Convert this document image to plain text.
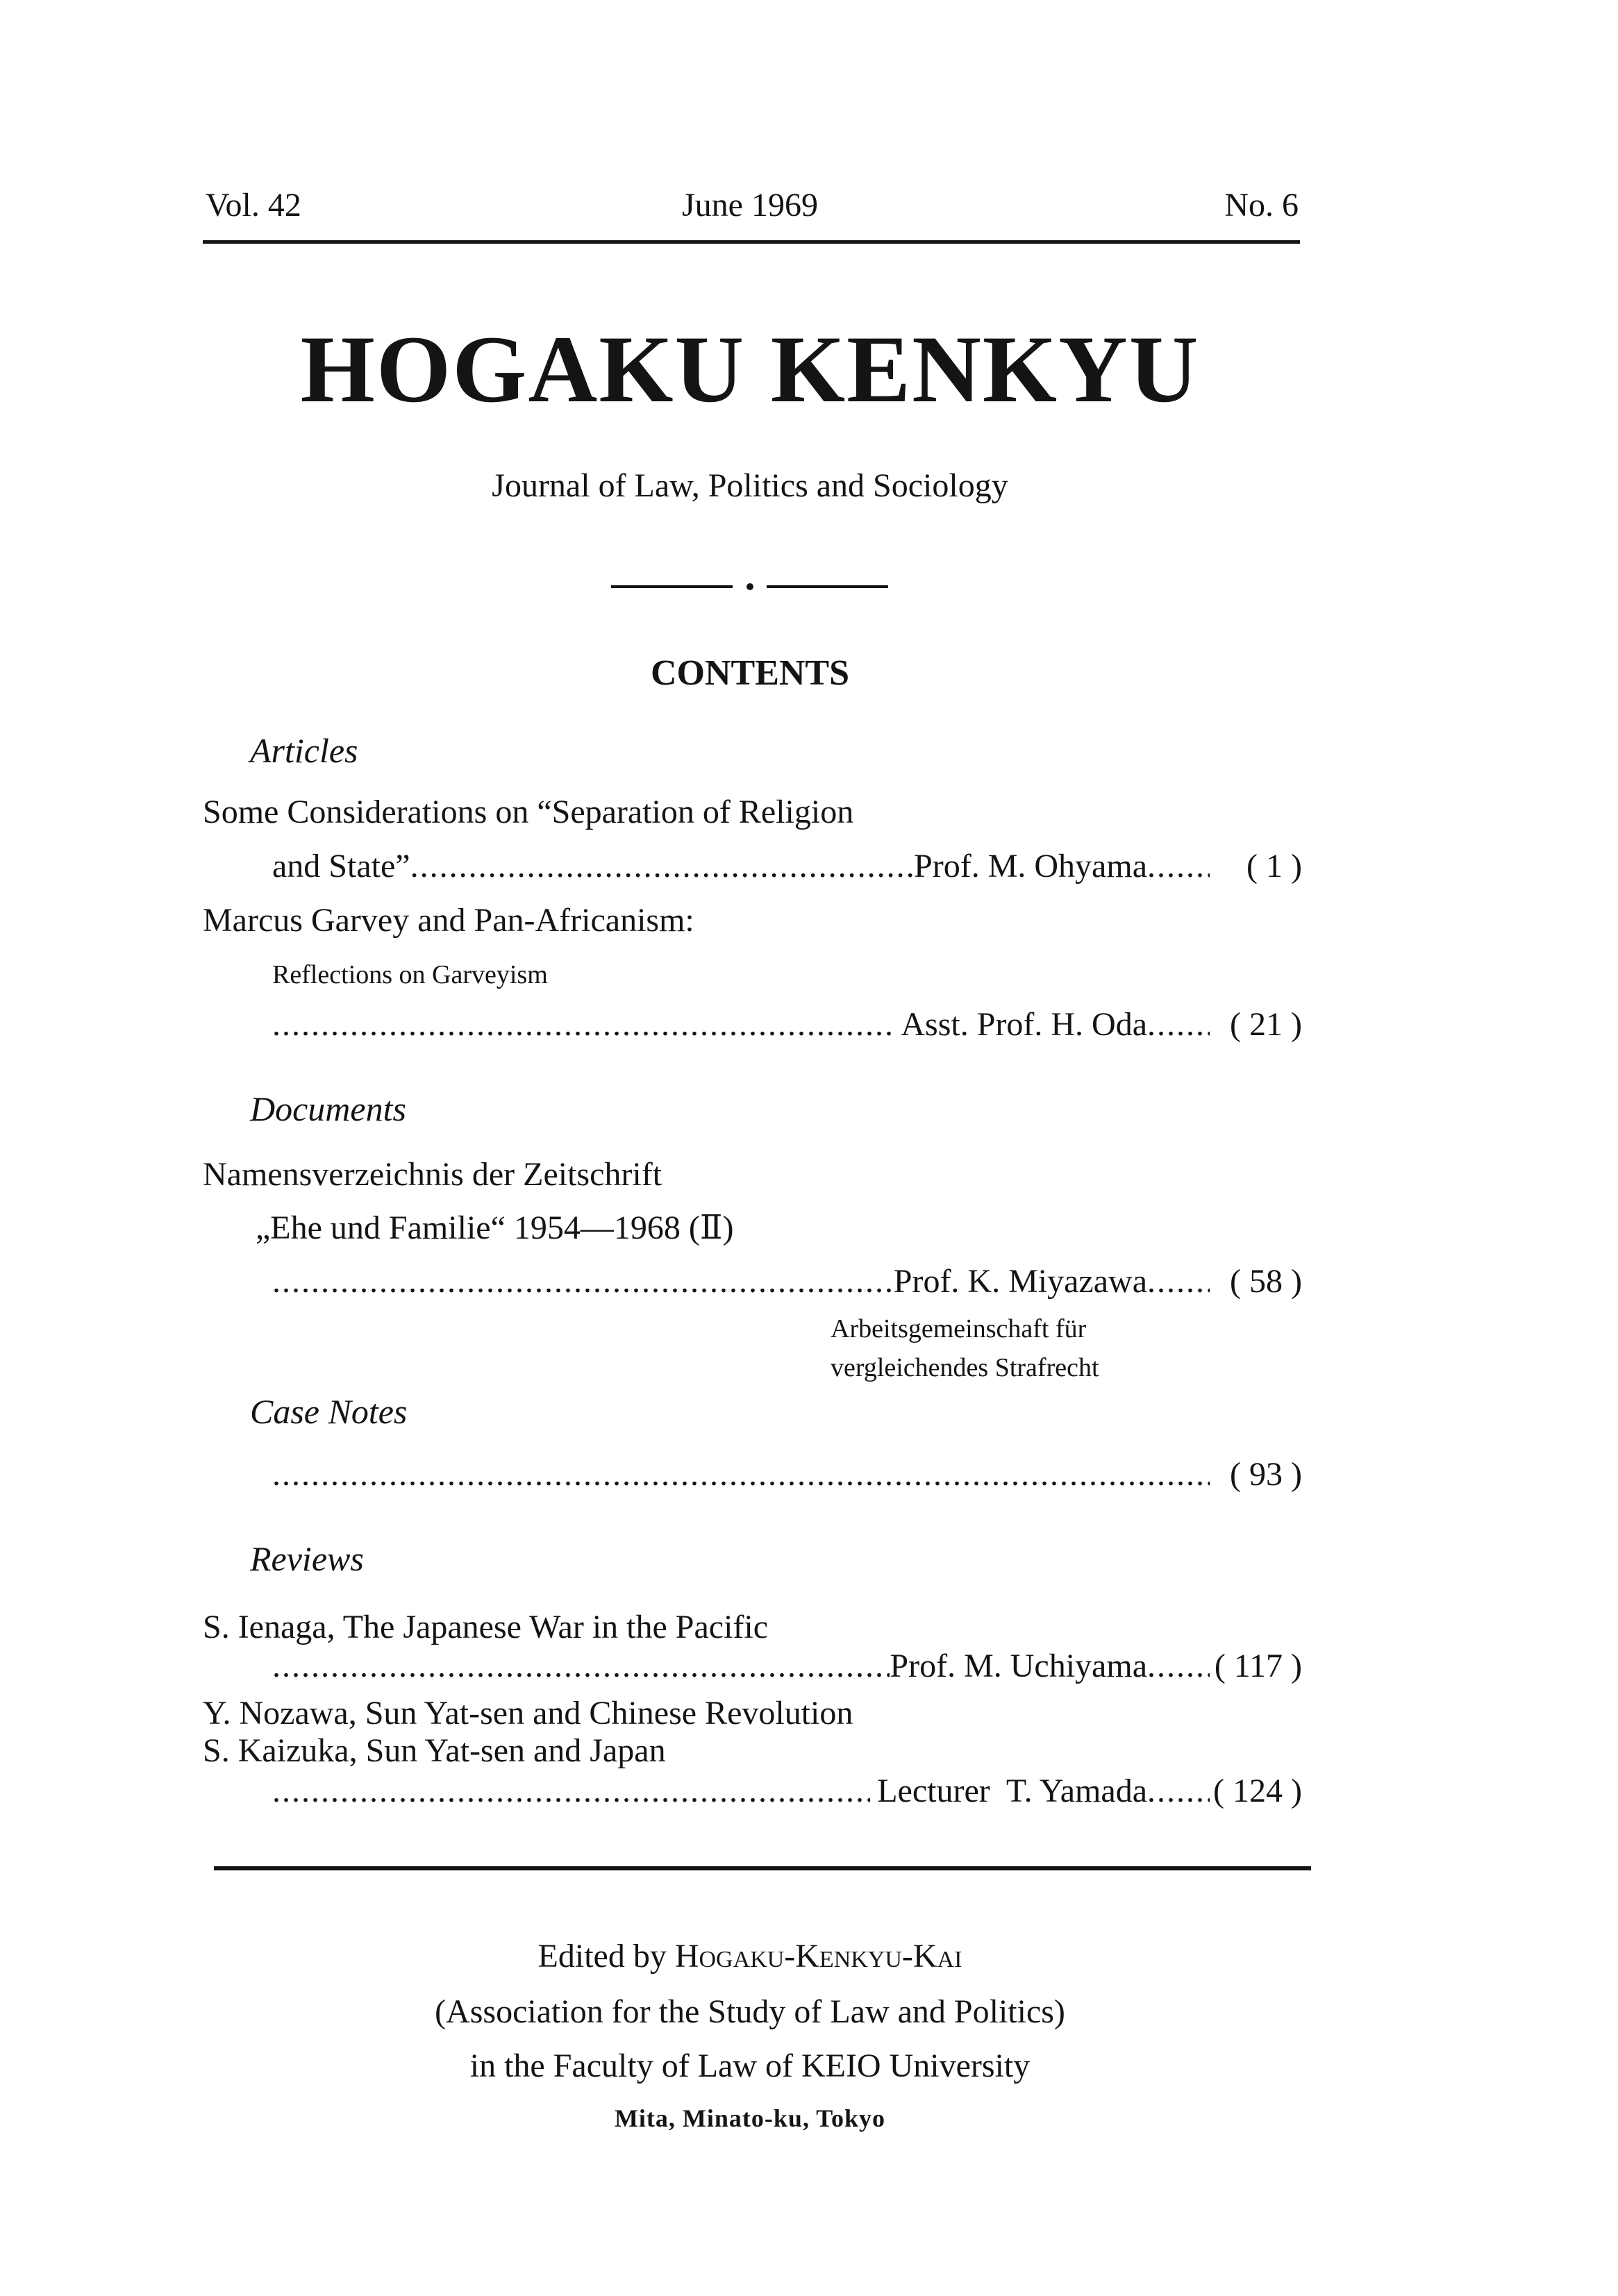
Vol. 42	June 1969	No. 6
HOGAKU KENKYU
Journal of Law, Politics and Sociology
CONTENTS
Articles
Some Considerations on “Separation of Religion
and State” .....	Prof. M. Ohyama .....	( 1 )
Marcus Garvey and Pan-Africanism:
Reflections on Garveyism
.....
Asst. Prof. H. Oda .....	( 21 )
Documents
Namensverzeichnis der Zeitschrift
„Ehe und Familie“ 1954—1968 (Ⅱ)
.....
Prof. K. Miyazawa .....	( 58 )
Arbeitsgemeinschaft für
vergleichendes Strafrecht
Case Notes
.....
( 93 )
Reviews
S. Ienaga, The Japanese War in the Pacific
.....
Prof. M. Uchiyama ..... ( 117 )
Y. Nozawa, Sun Yat-sen and Chinese Revolution
S. Kaizuka, Sun Yat-sen and Japan
.....
Lecturer  T. Yamada ..... ( 124 )
Edited by Hogaku-Kenkyu-Kai
(Association for the Study of Law and Politics)
in the Faculty of Law of KEIO University
Mita, Minato-ku, Tokyo
